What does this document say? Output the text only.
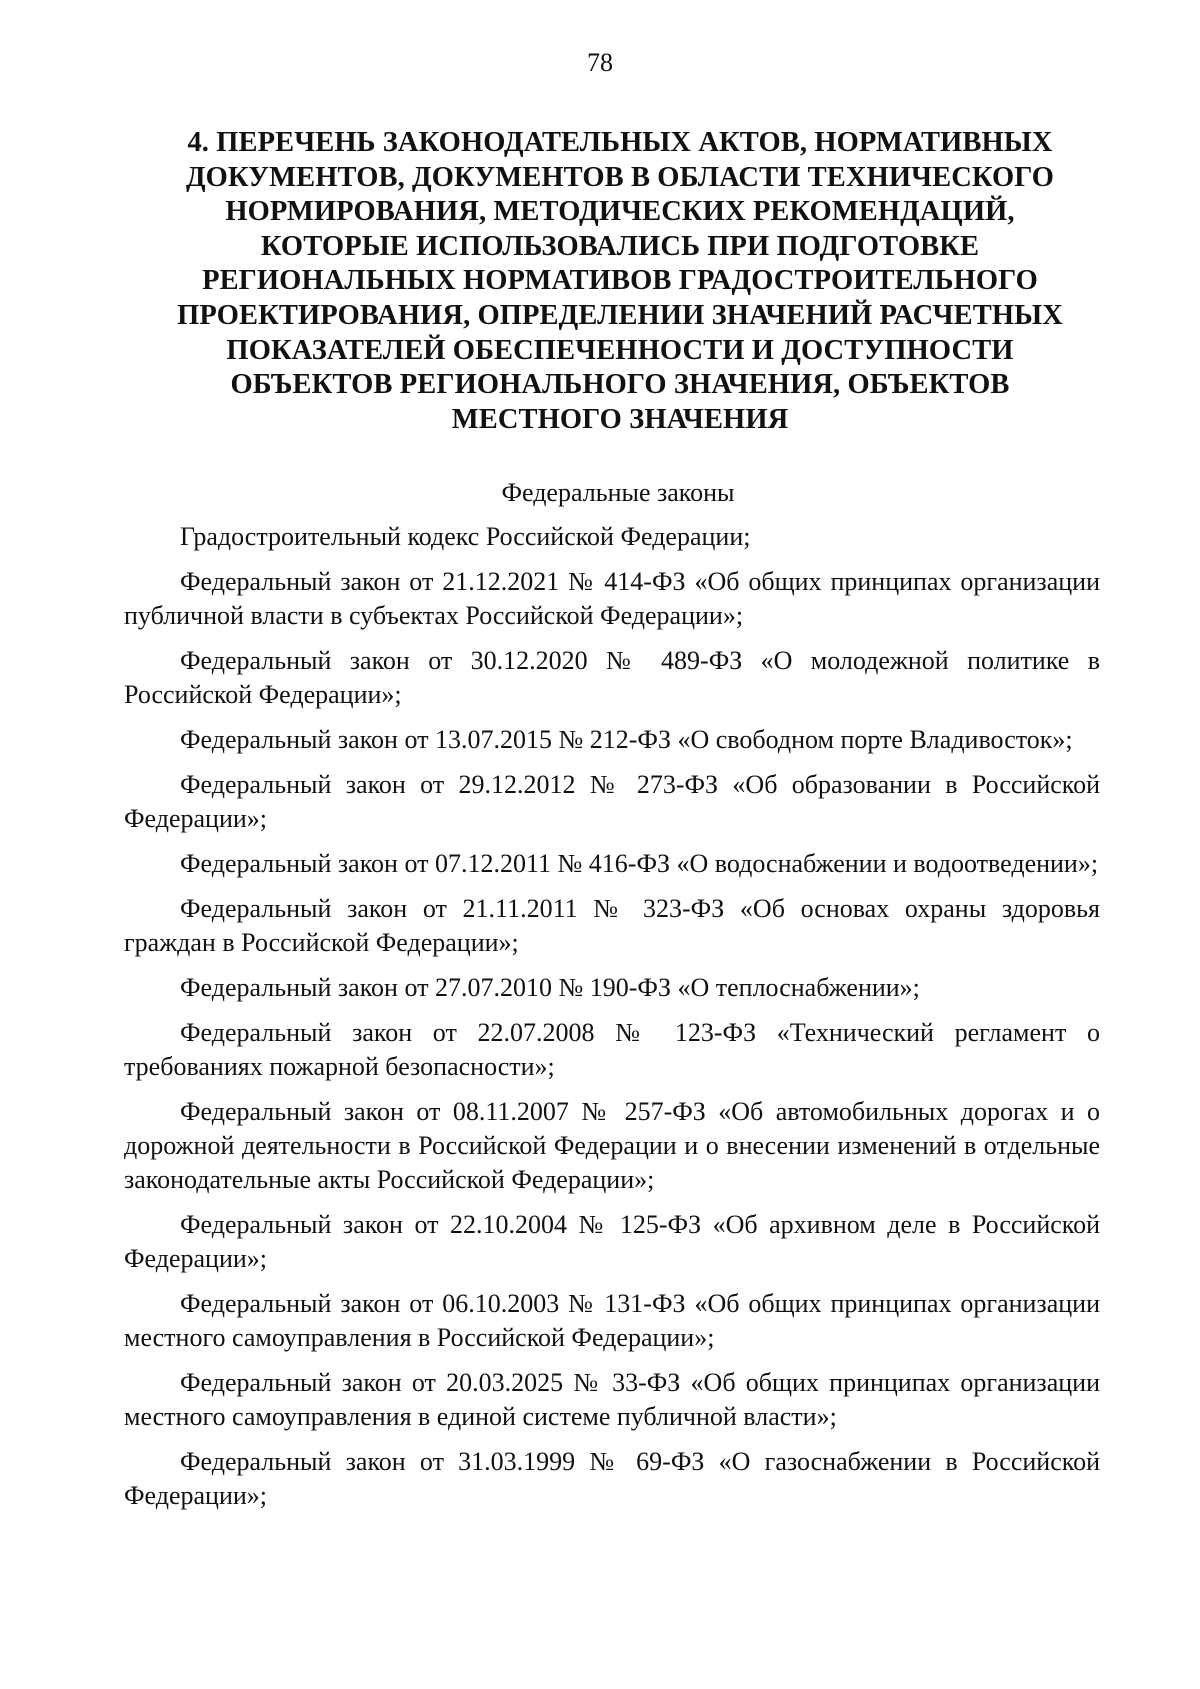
78
4. ПЕРЕЧЕНЬ ЗАКОНОДАТЕЛЬНЫХ АКТОВ, НОРМАТИВНЫХ
ДОКУМЕНТОВ, ДОКУМЕНТОВ В ОБЛАСТИ ТЕХНИЧЕСКОГО
НОРМИРОВАНИЯ, МЕТОДИЧЕСКИХ РЕКОМЕНДАЦИЙ,
КОТОРЫЕ ИСПОЛЬЗОВАЛИСЬ ПРИ ПОДГОТОВКЕ
РЕГИОНАЛЬНЫХ НОРМАТИВОВ ГРАДОСТРОИТЕЛЬНОГО
ПРОЕКТИРОВАНИЯ, ОПРЕДЕЛЕНИИ ЗНАЧЕНИЙ РАСЧЕТНЫХ
ПОКАЗАТЕЛЕЙ ОБЕСПЕЧЕННОСТИ И ДОСТУПНОСТИ
ОБЪЕКТОВ РЕГИОНАЛЬНОГО ЗНАЧЕНИЯ, ОБЪЕКТОВ
МЕСТНОГО ЗНАЧЕНИЯ
Федеральные законы

Градостроительный кодекс Российской Федерации;

Федеральный закон от 21.12.2021 № 414-ФЗ «Об общих принципах организации публичной власти в субъектах Российской Федерации»;

Федеральный закон от 30.12.2020 № 489-ФЗ «О молодежной политике в Российской Федерации»;

Федеральный закон от 13.07.2015 № 212-ФЗ «О свободном порте Владивосток»;

Федеральный закон от 29.12.2012 № 273-ФЗ «Об образовании в Российской Федерации»;

Федеральный закон от 07.12.2011 № 416-ФЗ «О водоснабжении и водоотведении»;

Федеральный закон от 21.11.2011 № 323-ФЗ «Об основах охраны здоровья граждан в Российской Федерации»;

Федеральный закон от 27.07.2010 № 190-ФЗ «О теплоснабжении»;

Федеральный закон от 22.07.2008 № 123-ФЗ «Технический регламент о требованиях пожарной безопасности»;

Федеральный закон от 08.11.2007 № 257-ФЗ «Об автомобильных дорогах и о дорожной деятельности в Российской Федерации и о внесении изменений в отдельные законодательные акты Российской Федерации»;

Федеральный закон от 22.10.2004 № 125-ФЗ «Об архивном деле в Российской Федерации»;

Федеральный закон от 06.10.2003 № 131-ФЗ «Об общих принципах организации местного самоуправления в Российской Федерации»;

Федеральный закон от 20.03.2025 № 33-ФЗ «Об общих принципах организации местного самоуправления в единой системе публичной власти»;

Федеральный закон от 31.03.1999 № 69-ФЗ «О газоснабжении в Российской Федерации»;
